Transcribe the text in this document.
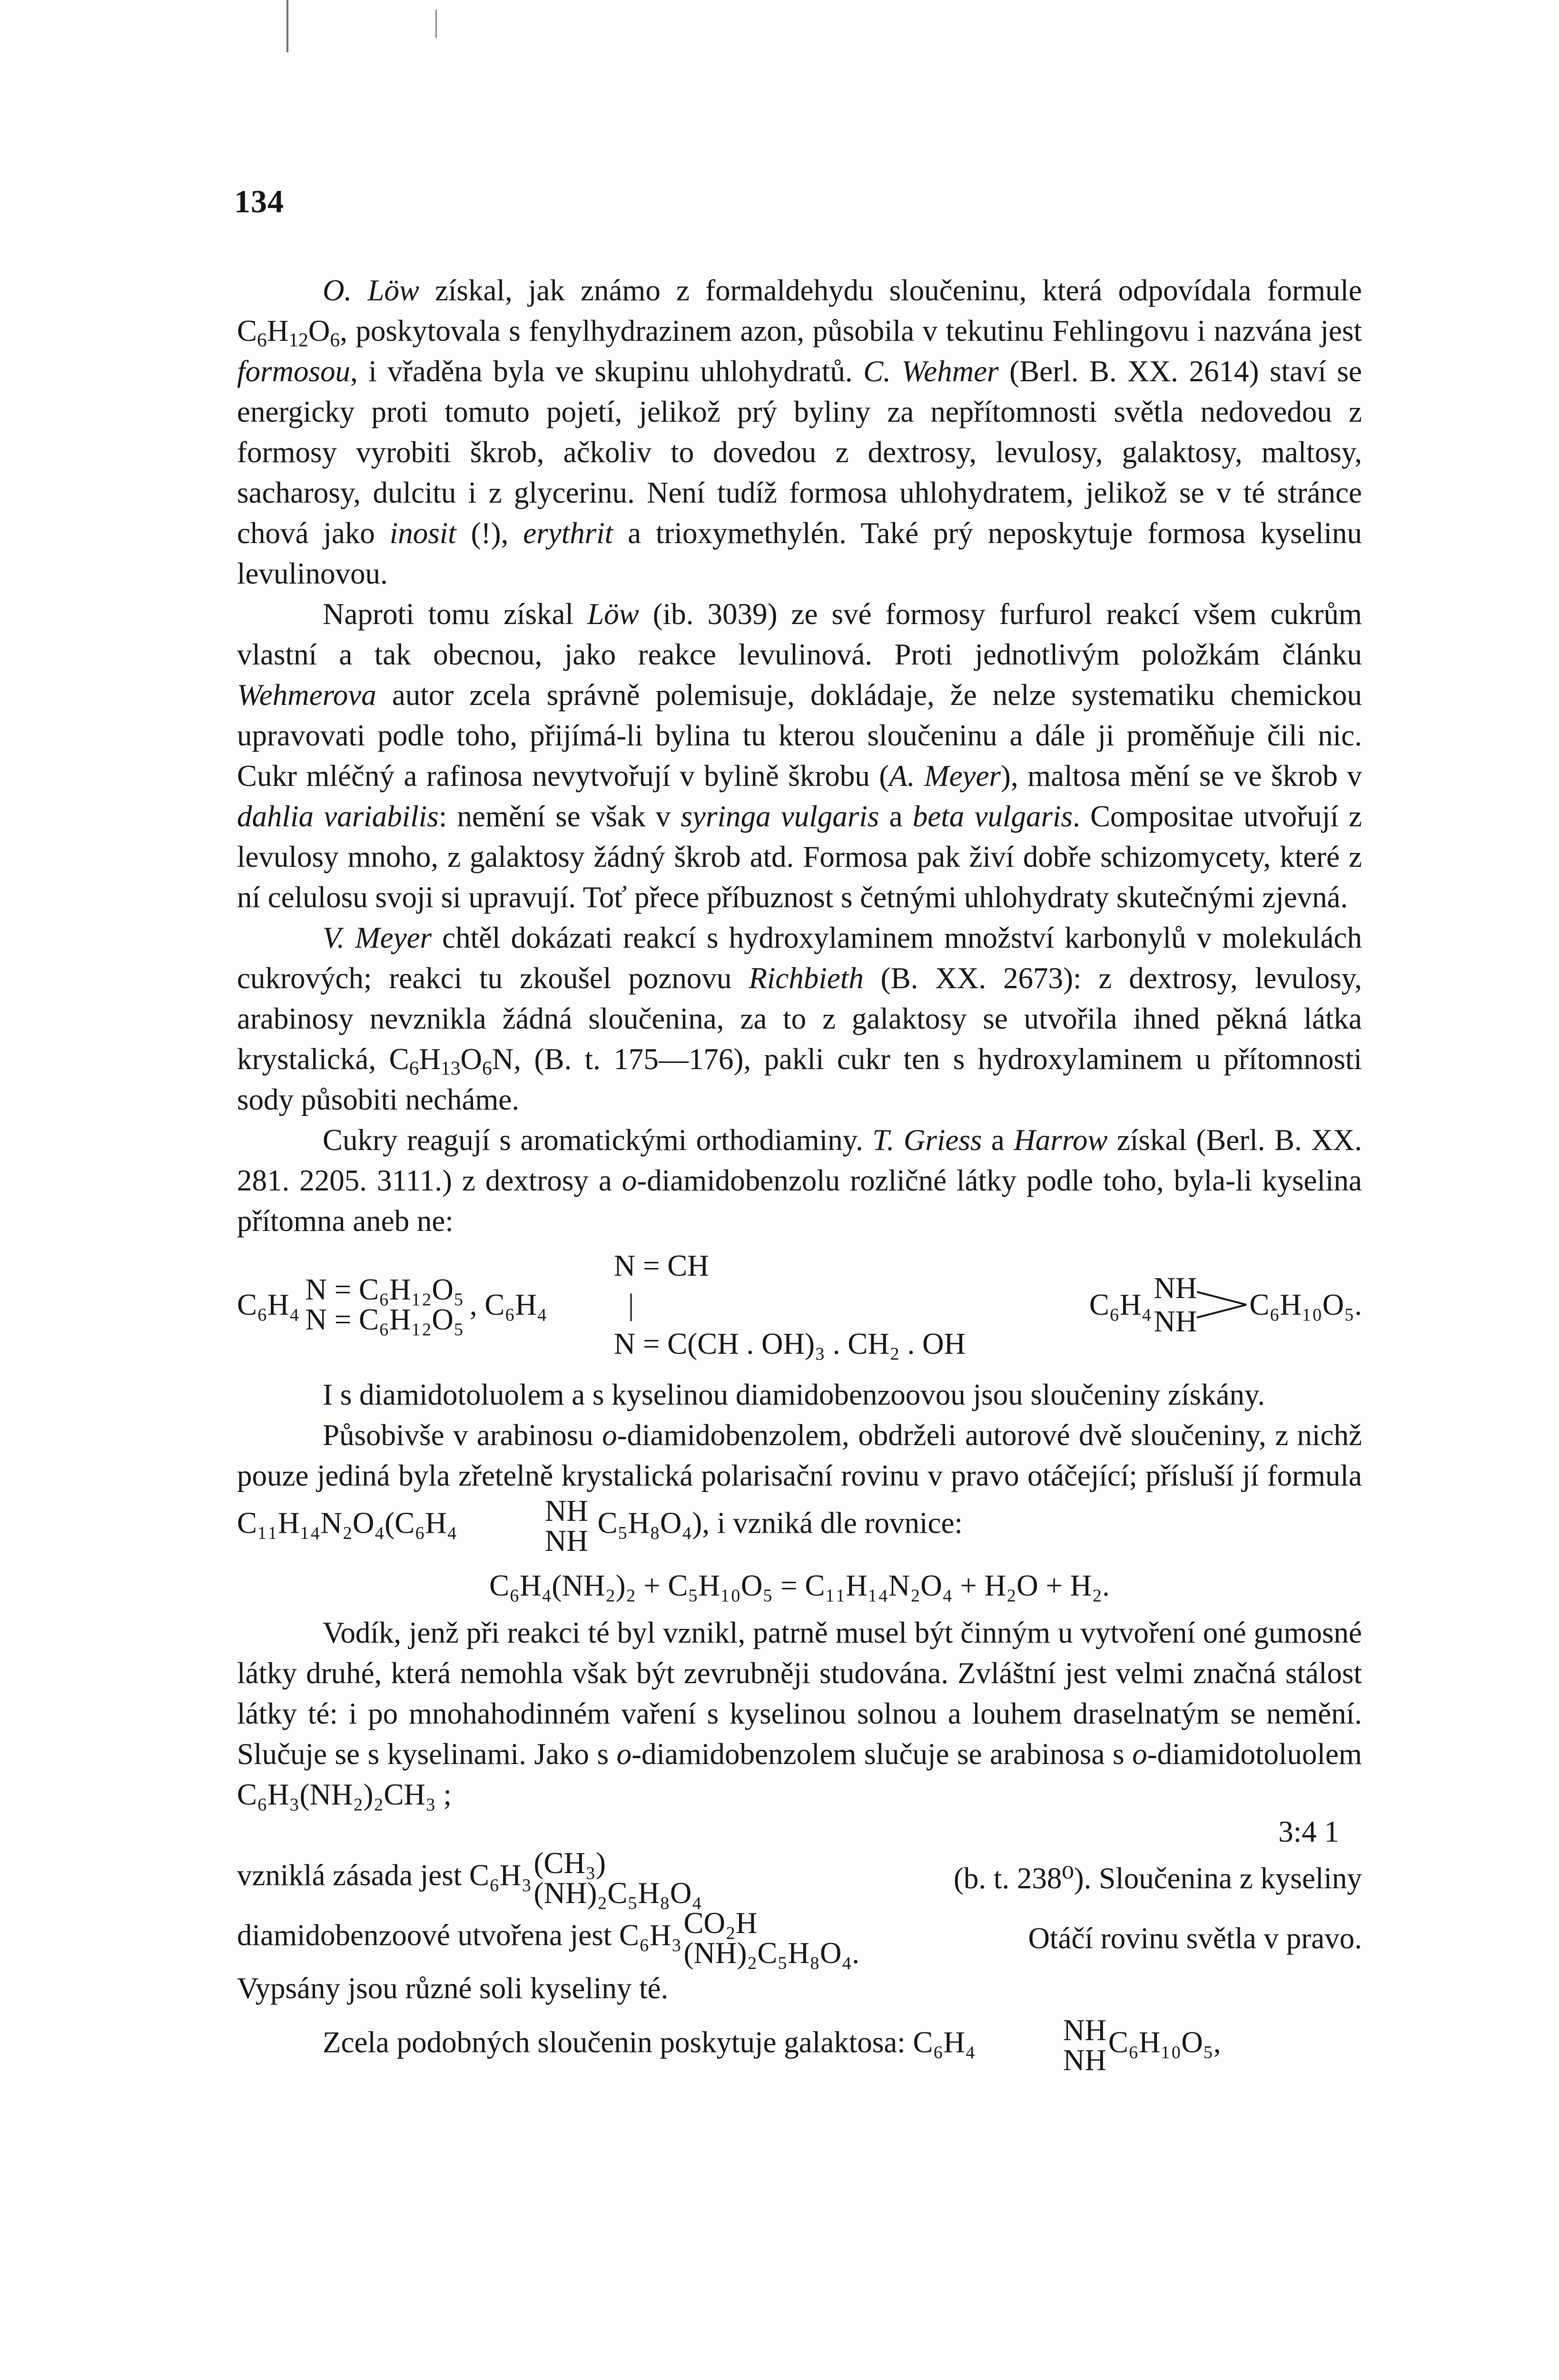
134

O. Löw získal, jak známo z formaldehydu sloučeninu, která odpovídala formule $C_6H_{12}O_6$, poskytovala s fenylhydrazinem azon, působila v tekutinu Fehlingovu i nazvána jest formosou, i vřaděna byla ve skupinu uhlohydratů. C. Wehmer (Berl. B. XX. 2614) staví se energicky proti tomuto pojetí, jelikož prý byliny za nepřítomnosti světla nedovedou z formosy vyrobiti škrob, ačkoliv to dovedou z dextrosy, levulosy, galaktosy, maltosy, sacharosy, dulcitu i z glycerinu. Není tudíž formosa uhlohydratem, jelikož se v té stránce chová jako inosit (!), erythrit a trioxymethylén. Také prý neposkytuje formosa kyselinu levulinovou.

Naproti tomu získal Löw (ib. 3039) ze své formosy furfurol reakcí všem cukrům vlastní a tak obecnou, jako reakce levulinová. Proti jednotlivým položkám článku Wehmerova autor zcela správně polemisuje, dokládaje, že nelze systematiku chemickou upravovati podle toho, přijímá-li bylina tu kterou sloučeninu a dále ji proměňuje čili nic. Cukr mléčný a rafinosa nevytvořují v bylině škrobu (A. Meyer), maltosa mění se ve škrob v dahlia variabilis: nemění se však v syringa vulgaris a beta vulgaris. Compositae utvořují z levulosy mnoho, z galaktosy žádný škrob atd. Formosa pak živí dobře schizomycety, které z ní celulosu svoji si upravují. Toť přece příbuznost s četnými uhlohydraty skutečnými zjevná.

V. Meyer chtěl dokázati reakcí s hydroxylaminem množství karbonylů v molekulách cukrových; reakci tu zkoušel poznovu Richbieth (B. XX. 2673): z dextrosy, levulosy, arabinosy nevznikla žádná sloučenina, za to z galaktosy se utvořila ihned pěkná látka krystalická, $C_6H_{13}O_6N$, (B. t. 175—176), pakli cukr ten s hydroxylaminem u přítomnosti sody působiti necháme.

Cukry reagují s aromatickými orthodiaminy. T. Griess a Harrow získal (Berl. B. XX. 281. 2205. 3111.) z dextrosy a o-diamidobenzolu rozličné látky podle toho, byla-li kyselina přítomna aneb ne:

C₆H₄ N = C₆H₁₂O₅
N = C₆H₁₂O₅ , C₆H₄
N = CH
|
N = C(CH . OH)₃ . CH₂ . OH
C₆H₄ NH
NH C₆H₁₀O₅.

I s diamidotoluolem a s kyselinou diamidobenzoovou jsou sloučeniny získány.

Působivše v arabinosu o-diamidobenzolem, obdrželi autorové dvě sloučeniny, z nichž pouze jediná byla zřetelně krystalická polarisační rovinu v pravo otáčející; přísluší jí formula C₁₁H₁₄N₂O₄(C₆H₄	NH
NH
C₅H₈O₄), i vzniká dle rovnice:

C₆H₄(NH₂)₂ + C₅H₁₀O₅ = C₁₁H₁₄N₂O₄ + H₂O + H₂.

Vodík, jenž při reakci té byl vznikl, patrně musel být činným u vytvoření oné gumosné látky druhé, která nemohla však být zevrubněji studována. Zvláštní jest velmi značná stálost látky té: i po mnohahodinném vaření s kyselinou solnou a louhem draselnatým se nemění. Slučuje se s kyselinami. Jako s o-diamidobenzolem slučuje se arabinosa s o-diamidotoluolem C₆H₃(NH₂)₂CH₃ ;

3:4 1
vzniklá zásada jest C₆H₃ (CH₃)
(NH)₂C₅H₈O₄	(b. t. 238⁰). Sloučenina z kyseliny
diamidobenzoové utvořena jest C₆H₃ CO₂H
(NH)₂C₅H₈O₄.	Otáčí rovinu světla v pravo.

Vypsány jsou různé soli kyseliny té.

Zcela podobných sloučenin poskytuje galaktosa: C₆H₄	NH
NH
C₆H₁₀O₅,
